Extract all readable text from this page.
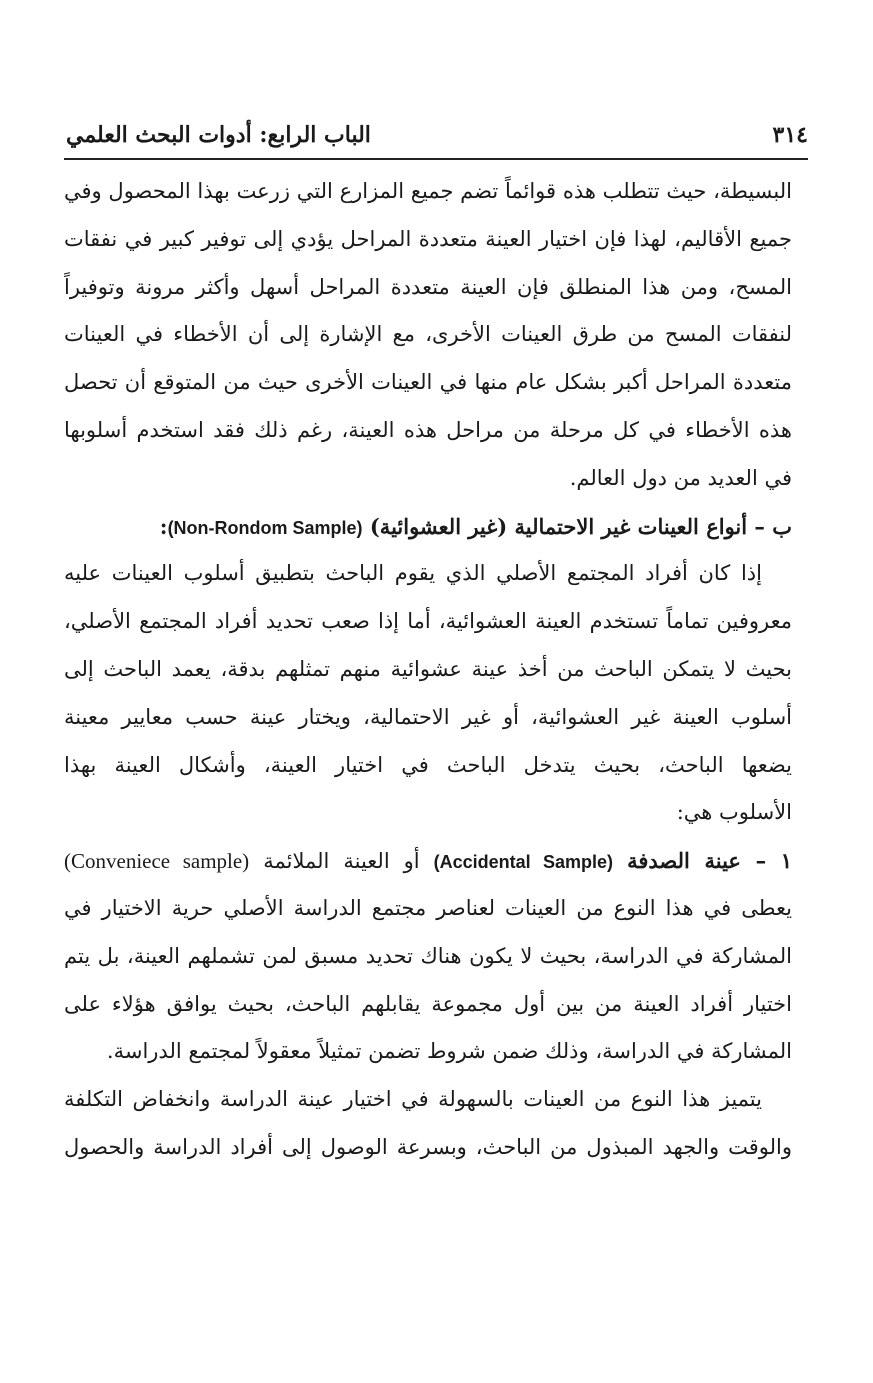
٣١٤
الباب الرابع: أدوات البحث العلمي
البسيطة، حيث تتطلب هذه قوائماً تضم جميع المزارع التي زرعت بهذا المحصول وفي
جميع الأقاليم، لهذا فإن اختيار العينة متعددة المراحل يؤدي إلى توفير كبير في نفقات
المسح، ومن هذا المنطلق فإن العينة متعددة المراحل أسهل وأكثر مرونة وتوفيراً
لنفقات المسح من طرق العينات الأخرى، مع الإشارة إلى أن الأخطاء في العينات
متعددة المراحل أكبر بشكل عام منها في العينات الأخرى حيث من المتوقع أن تحصل
هذه الأخطاء في كل مرحلة من مراحل هذه العينة، رغم ذلك فقد استخدم أسلوبها
في العديد من دول العالم.
ب – أنواع العينات غير الاحتمالية (غير العشوائية) (Non-Rondom Sample):
إذا كان أفراد المجتمع الأصلي الذي يقوم الباحث بتطبيق أسلوب العينات عليه
معروفين تماماً تستخدم العينة العشوائية، أما إذا صعب تحديد أفراد المجتمع الأصلي،
بحيث لا يتمكن الباحث من أخذ عينة عشوائية منهم تمثلهم بدقة، يعمد الباحث إلى
أسلوب العينة غير العشوائية، أو غير الاحتمالية، ويختار عينة حسب معايير معينة
يضعها الباحث، بحيث يتدخل الباحث في اختيار العينة، وأشكال العينة بهذا
الأسلوب هي:
١ – عينة الصدفة (Accidental Sample) أو العينة الملائمة (Conveniece sample)
يعطى في هذا النوع من العينات لعناصر مجتمع الدراسة الأصلي حرية الاختيار في
المشاركة في الدراسة، بحيث لا يكون هناك تحديد مسبق لمن تشملهم العينة، بل يتم
اختيار أفراد العينة من بين أول مجموعة يقابلهم الباحث، بحيث يوافق هؤلاء على
المشاركة في الدراسة، وذلك ضمن شروط تضمن تمثيلاً معقولاً لمجتمع الدراسة.
يتميز هذا النوع من العينات بالسهولة في اختيار عينة الدراسة وانخفاض التكلفة
والوقت والجهد المبذول من الباحث، وبسرعة الوصول إلى أفراد الدراسة والحصول
